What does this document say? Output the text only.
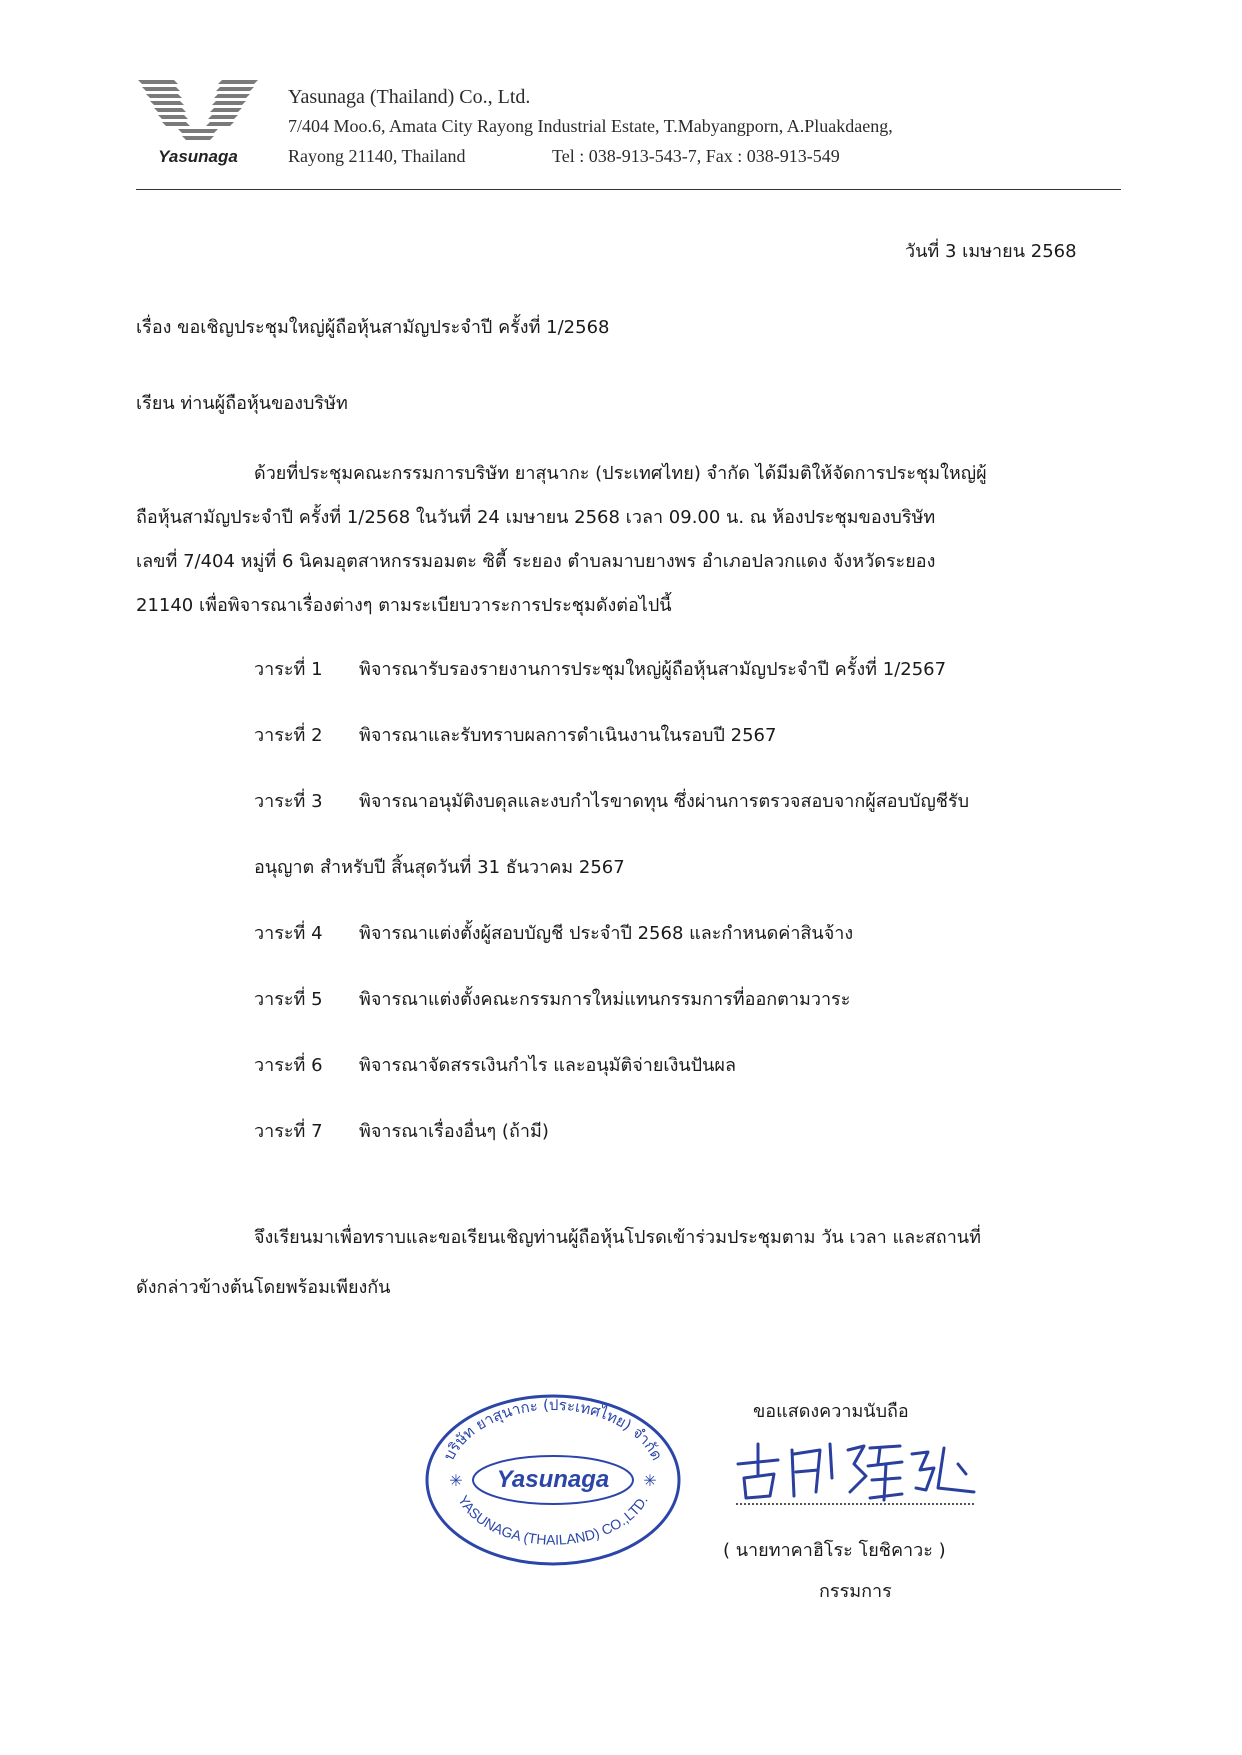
Yasunaga
Yasunaga (Thailand) Co., Ltd.
7/404 Moo.6, Amata City Rayong Industrial Estate, T.Mabyangporn, A.Pluakdaeng,
Rayong 21140, Thailand	Tel : 038-913-543-7, Fax : 038-913-549
วันที่ 3 เมษายน 2568
เรื่อง ขอเชิญประชุมใหญ่ผู้ถือหุ้นสามัญประจำปี ครั้งที่ 1/2568
เรียน ท่านผู้ถือหุ้นของบริษัท
ด้วยที่ประชุมคณะกรรมการบริษัท ยาสุนากะ (ประเทศไทย) จำกัด ได้มีมติให้จัดการประชุมใหญ่ผู้
ถือหุ้นสามัญประจำปี ครั้งที่ 1/2568 ในวันที่ 24 เมษายน 2568 เวลา 09.00 น. ณ ห้องประชุมของบริษัท
เลขที่ 7/404 หมู่ที่ 6 นิคมอุตสาหกรรมอมตะ ซิตี้ ระยอง ตำบลมาบยางพร อำเภอปลวกแดง จังหวัดระยอง
21140 เพื่อพิจารณาเรื่องต่างๆ ตามระเบียบวาระการประชุมดังต่อไปนี้
วาระที่ 1 พิจารณารับรองรายงานการประชุมใหญ่ผู้ถือหุ้นสามัญประจำปี ครั้งที่ 1/2567
วาระที่ 2 พิจารณาและรับทราบผลการดำเนินงานในรอบปี 2567
วาระที่ 3 พิจารณาอนุมัติงบดุลและงบกำไรขาดทุน ซึ่งผ่านการตรวจสอบจากผู้สอบบัญชีรับ
อนุญาต สำหรับปี สิ้นสุดวันที่ 31 ธันวาคม 2567
วาระที่ 4 พิจารณาแต่งตั้งผู้สอบบัญชี ประจำปี 2568 และกำหนดค่าสินจ้าง
วาระที่ 5 พิจารณาแต่งตั้งคณะกรรมการใหม่แทนกรรมการที่ออกตามวาระ
วาระที่ 6 พิจารณาจัดสรรเงินกำไร และอนุมัติจ่ายเงินปันผล
วาระที่ 7 พิจารณาเรื่องอื่นๆ (ถ้ามี)
จึงเรียนมาเพื่อทราบและขอเรียนเชิญท่านผู้ถือหุ้นโปรดเข้าร่วมประชุมตาม วัน เวลา และสถานที่
ดังกล่าวข้างต้นโดยพร้อมเพียงกัน
บริษัท ยาสุนากะ (ประเทศไทย) จำกัด
YASUNAGA (THAILAND) CO.,LTD.
Yasunaga
✳	✳
ขอแสดงความนับถือ
( นายทาคาฮิโระ โยชิคาวะ )
กรรมการ
